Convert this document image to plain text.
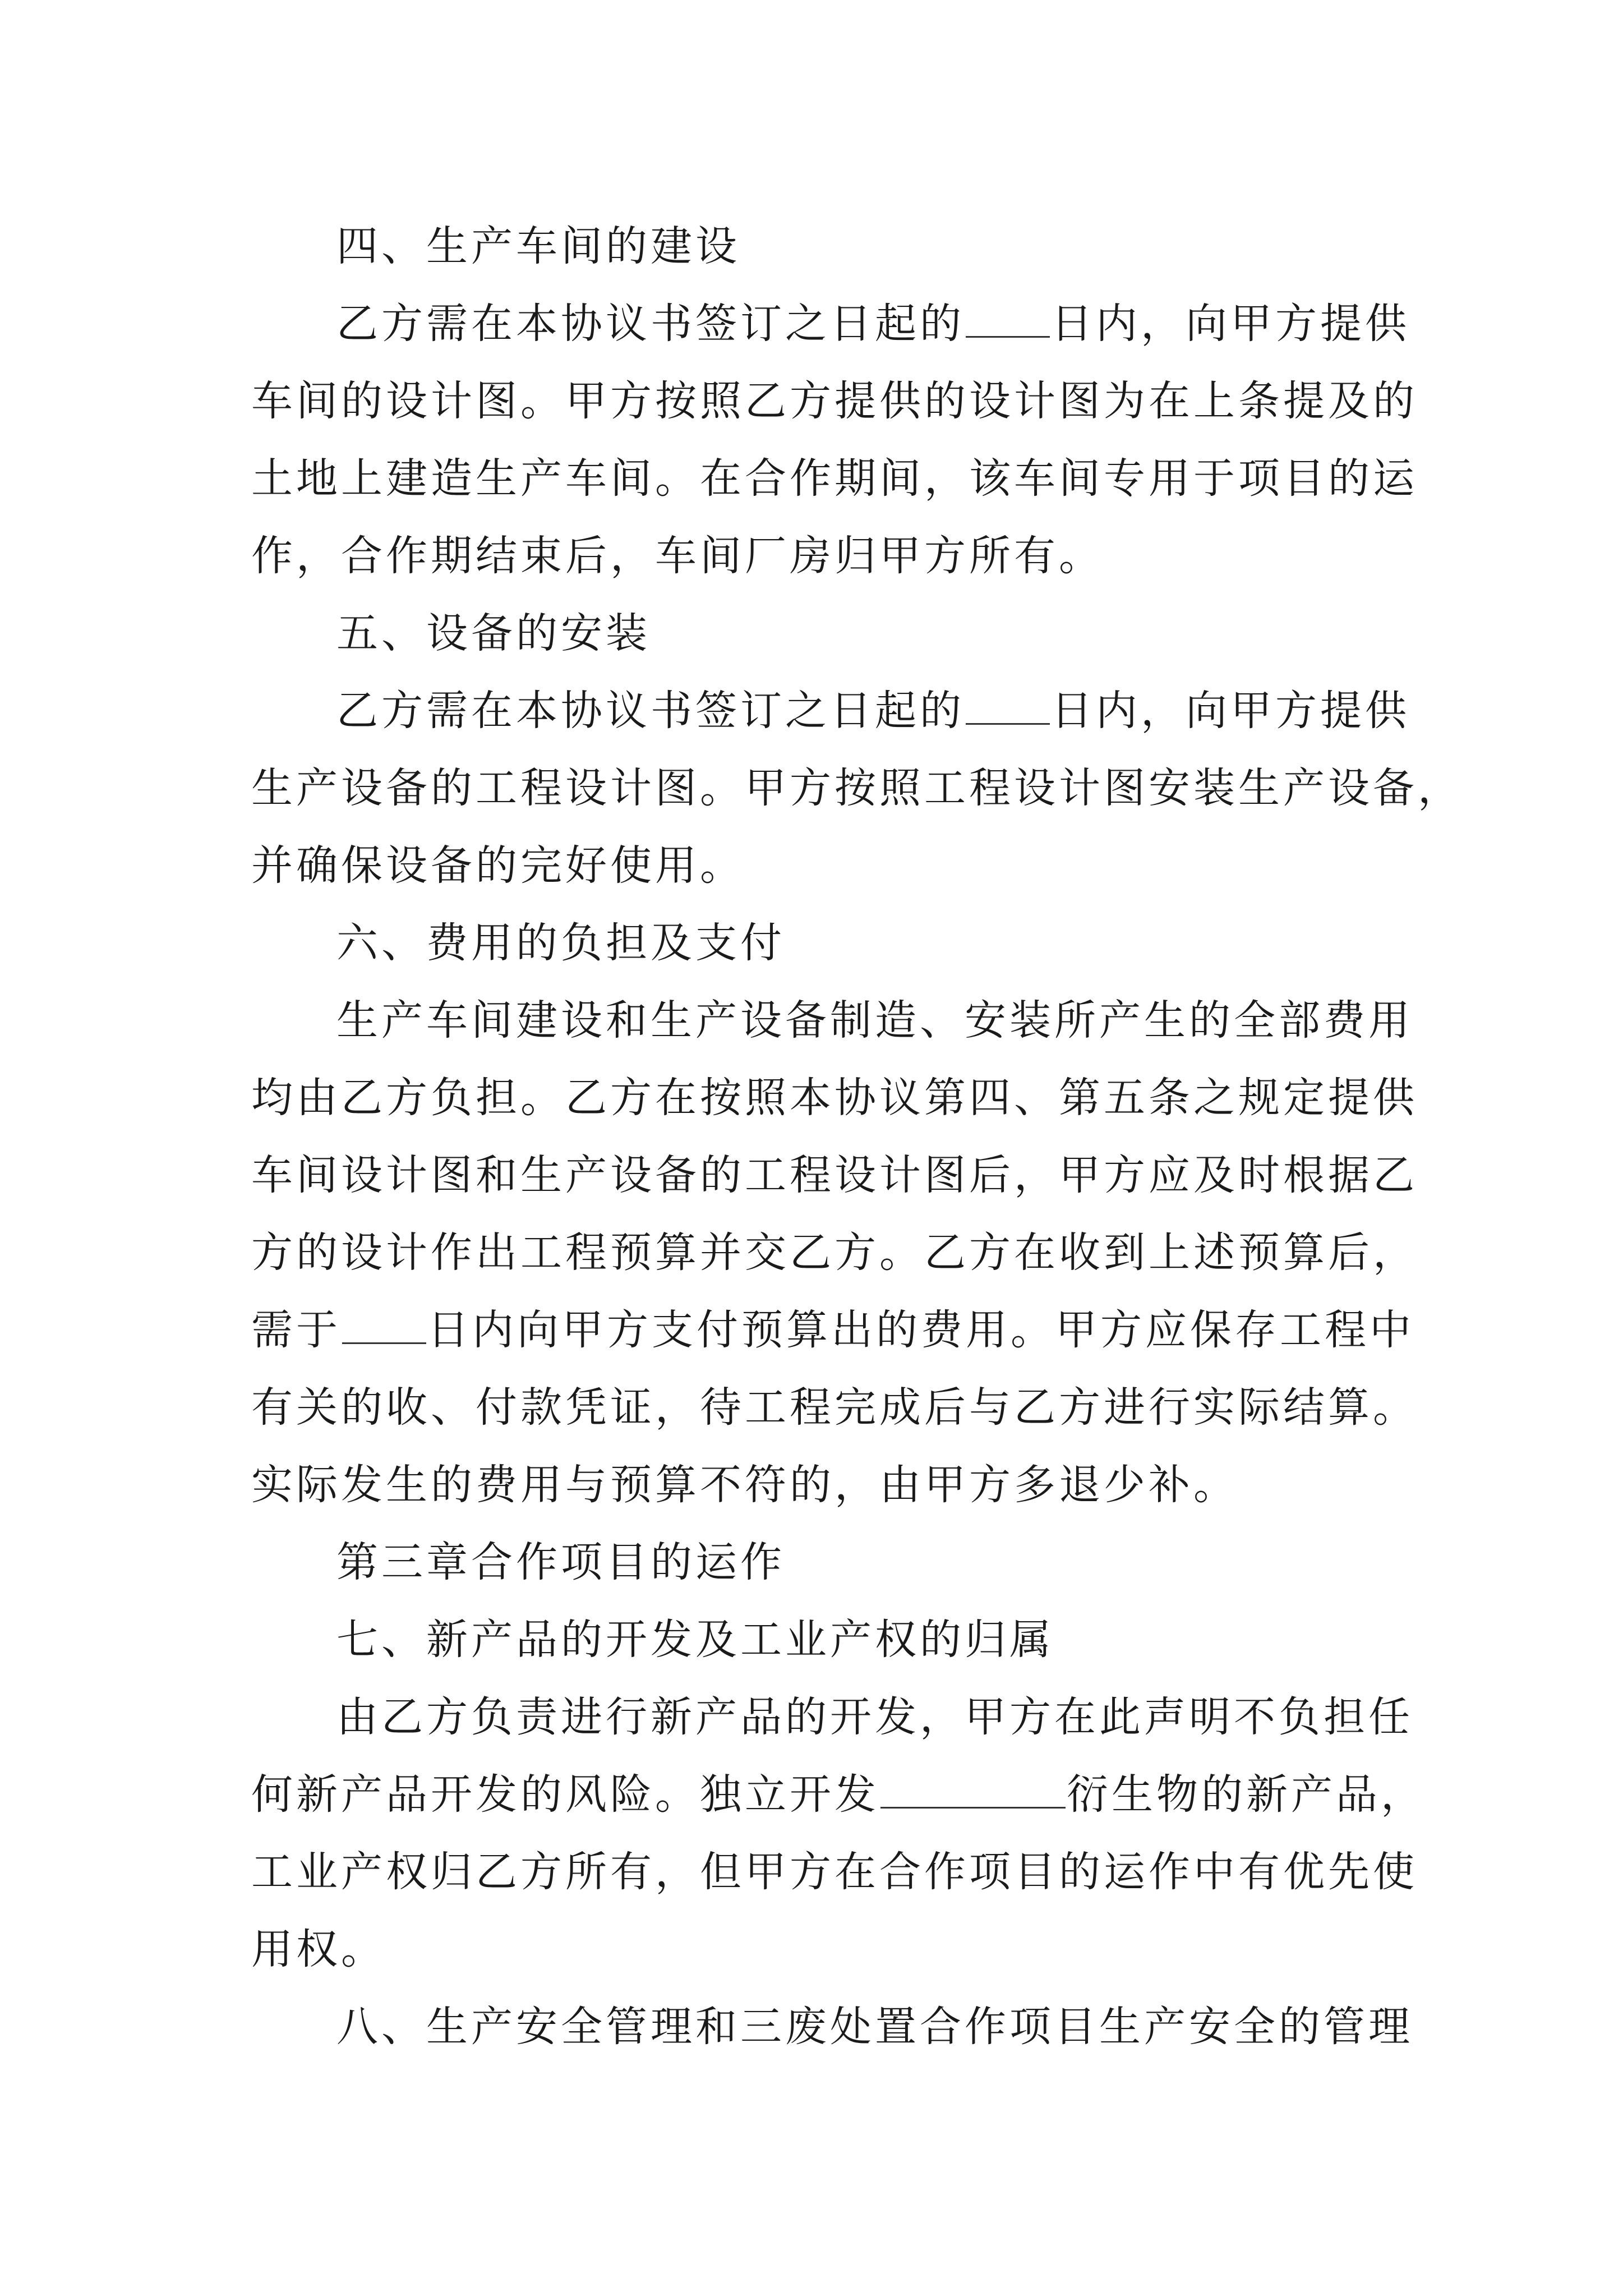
四、生产车间的建设
乙方需在本协议书签订之日起的 日内，向甲方提供
车间的设计图。甲方按照乙方提供的设计图为在上条提及的
土地上建造生产车间。在合作期间，该车间专用于项目的运
作，合作期结束后，车间厂房归甲方所有。
五、设备的安装
乙方需在本协议书签订之日起的 日内，向甲方提供
生产设备的工程设计图。甲方按照工程设计图安装生产设备，
并确保设备的完好使用。
六、费用的负担及支付
生产车间建设和生产设备制造、安装所产生的全部费用
均由乙方负担。乙方在按照本协议第四、第五条之规定提供
车间设计图和生产设备的工程设计图后，甲方应及时根据乙
方的设计作出工程预算并交乙方。乙方在收到上述预算后，
需于 日内向甲方支付预算出的费用。甲方应保存工程中
有关的收、付款凭证，待工程完成后与乙方进行实际结算。
实际发生的费用与预算不符的，由甲方多退少补。
第三章合作项目的运作
七、新产品的开发及工业产权的归属
由乙方负责进行新产品的开发，甲方在此声明不负担任
何新产品开发的风险。独立开发	衍生物的新产品，
工业产权归乙方所有，但甲方在合作项目的运作中有优先使
用权。
八、生产安全管理和三废处置合作项目生产安全的管理
